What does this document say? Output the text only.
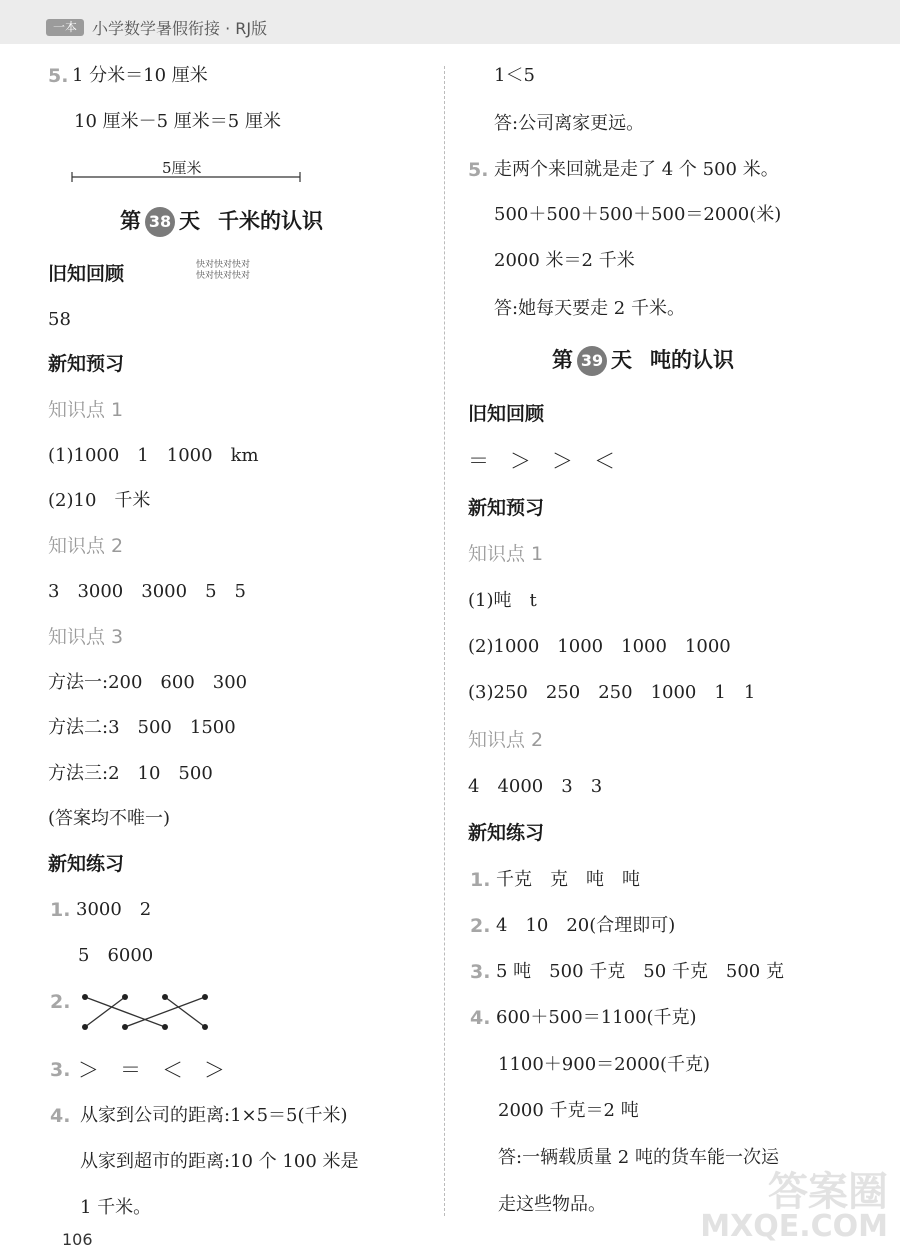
一本 小学数学暑假衔接 · RJ版
5. 1 分米＝10 厘米
10 厘米－5 厘米＝5 厘米
5厘米
第 38 天 千米的认识
旧知回顾	快对快对快对
快对快对快对
58
新知预习
知识点 1
(1)1000　1　1000　km
(2)10　千米
知识点 2
3　3000　3000　5　5
知识点 3
方法一:200　600　300
方法二:3　500　1500
方法三:2　10　500
(答案均不唯一)
新知练习
1. 3000　2
5　6000
2.
3. ＞　＝　＜　＞
4. 从家到公司的距离:1×5＝5(千米)
从家到超市的距离:10 个 100 米是
1 千米。
106
1＜5
答:公司离家更远。
5. 走两个来回就是走了 4 个 500 米。
500＋500＋500＋500＝2000(米)
2000 米＝2 千米
答:她每天要走 2 千米。
第 39 天 吨的认识
旧知回顾
＝　＞　＞　＜
新知预习
知识点 1
(1)吨　t
(2)1000　1000　1000　1000
(3)250　250　250　1000　1　1
知识点 2
4　4000　3　3
新知练习
1. 千克　克　吨　吨
2. 4　10　20(合理即可)
3. 5 吨　500 千克　50 千克　500 克
4. 600＋500＝1100(千克)
1100＋900＝2000(千克)
2000 千克＝2 吨
答:一辆载质量 2 吨的货车能一次运
走这些物品。	答案圈
MXQE.COM
